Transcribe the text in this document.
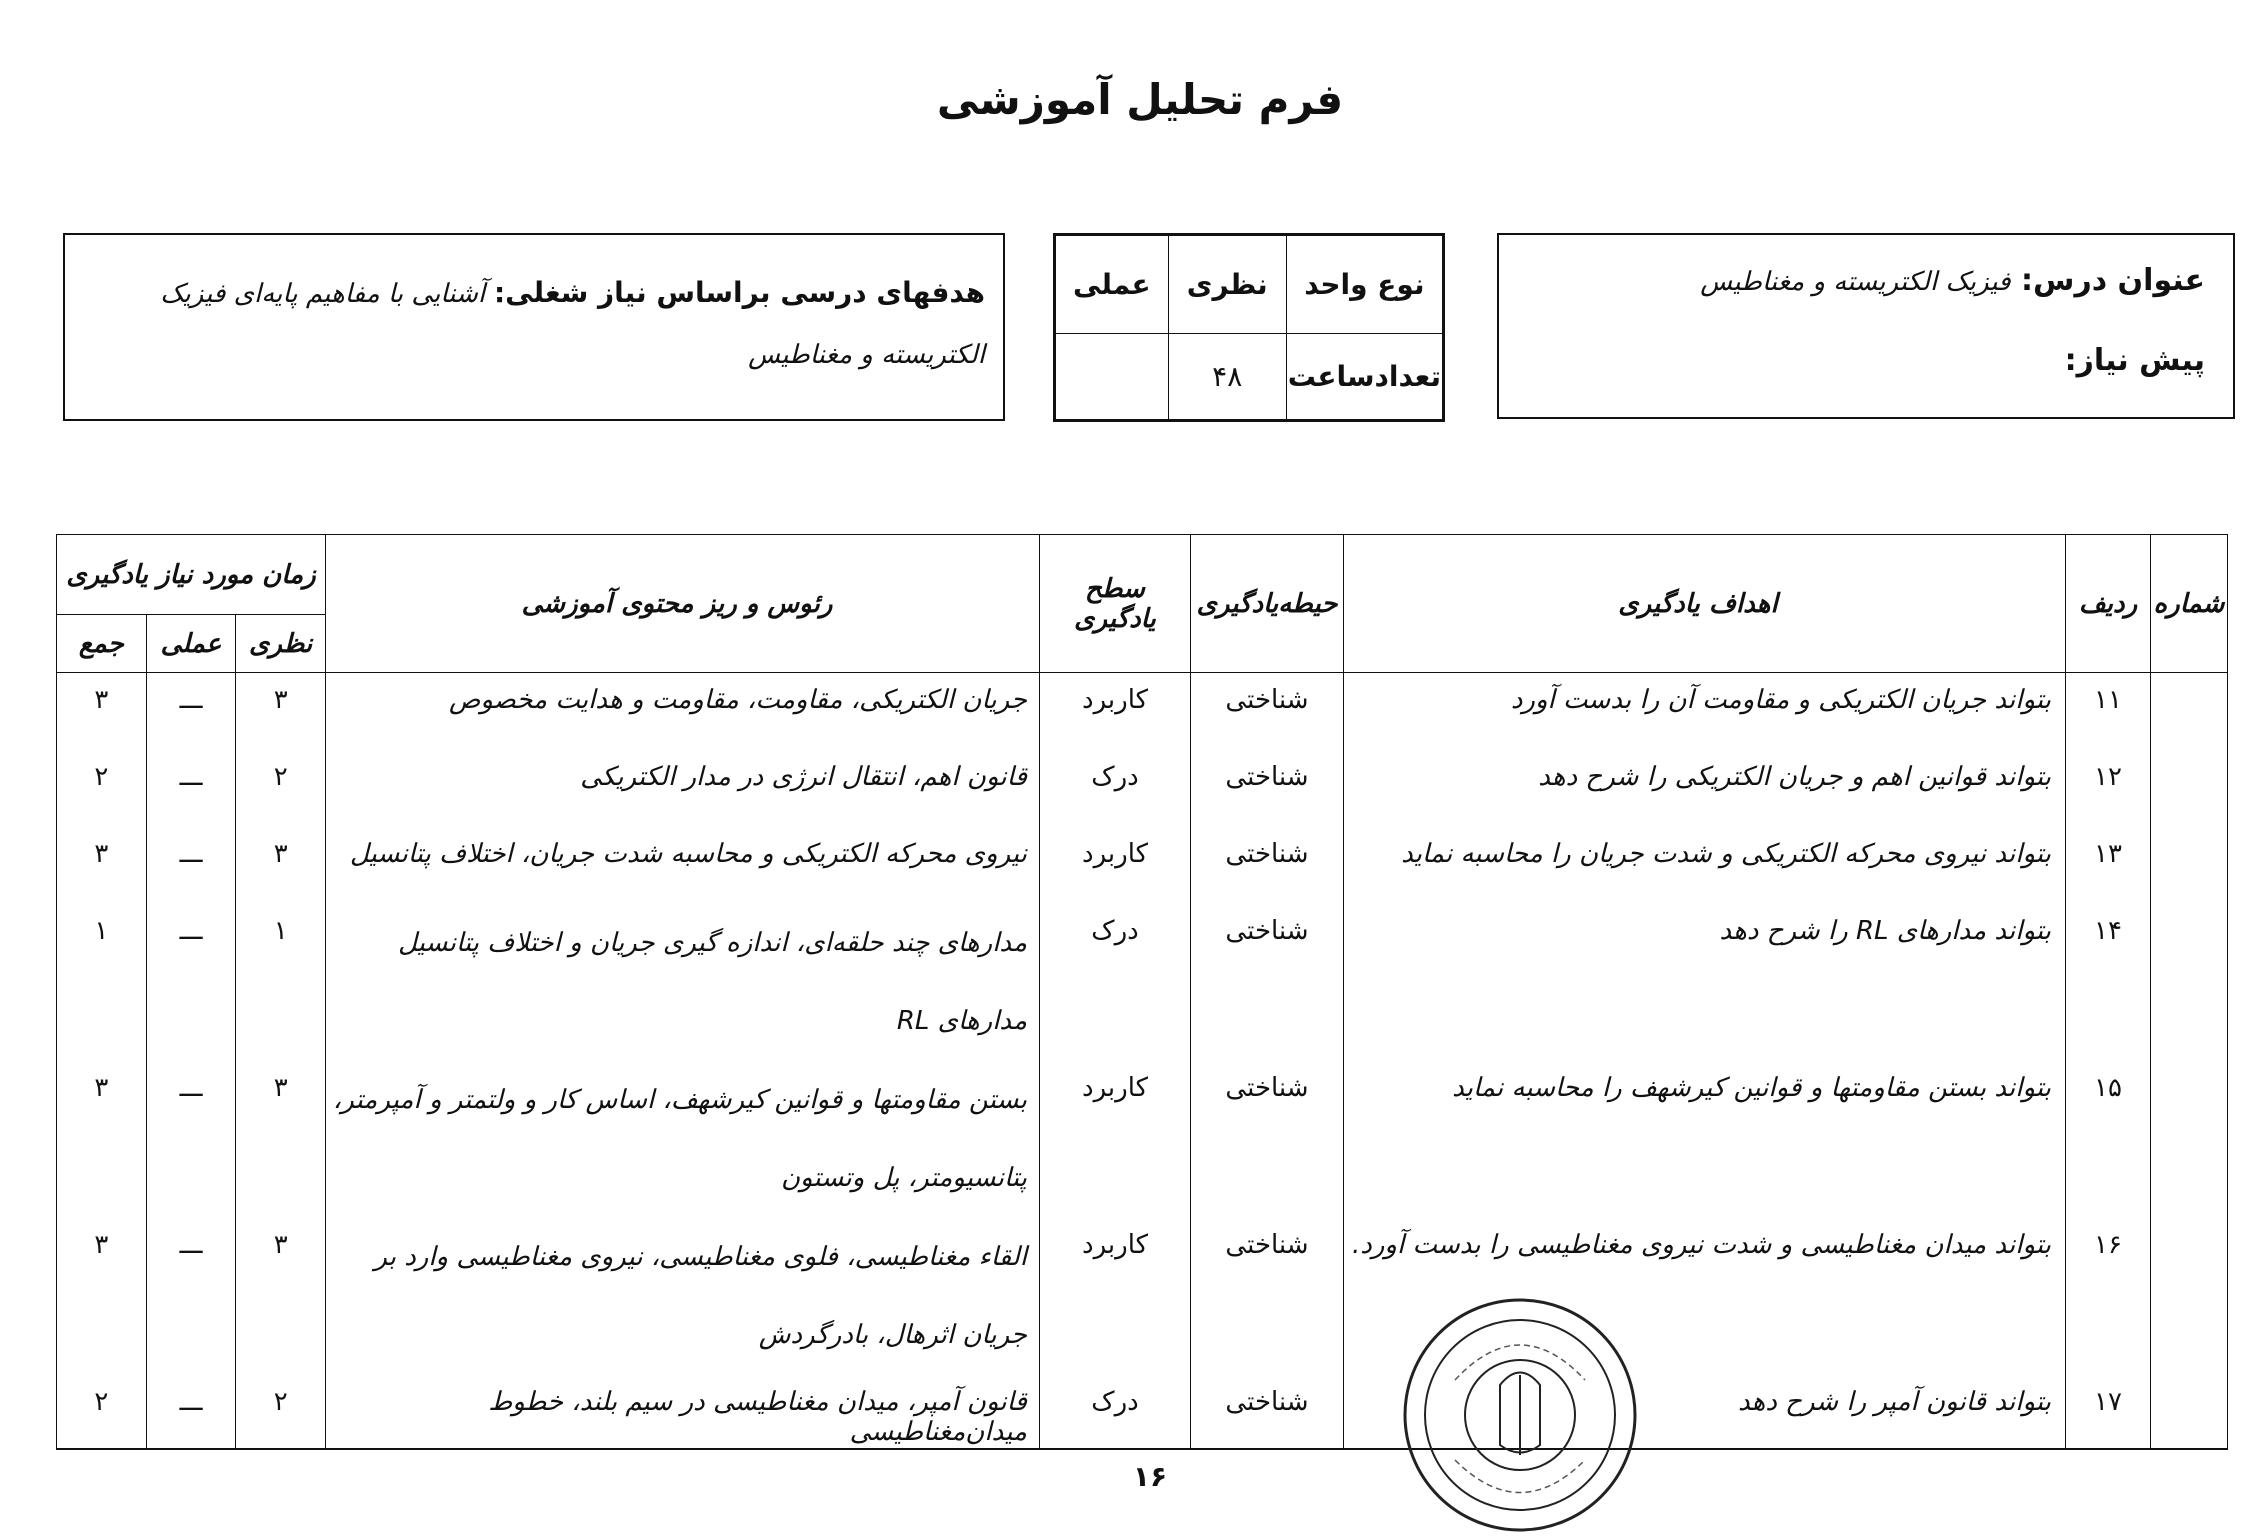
فرم تحلیل آموزشی
عنوان درس: فیزیک الکتریسته و مغناطیس
پیش نیاز:
نوع واحد	نظری	عملی
تعدادساعت	۴۸	
هدفهای درسی براساس نیاز شغلی: آشنایی با مفاهیم پایه‌ای فیزیک الکتریسته و مغناطیس
شماره	ردیف	اهداف یادگیری	حیطه‌یادگیری	سطح یادگیری	رئوس و ریز محتوی آموزشی	زمان مورد نیاز یادگیری		
						نظری	عملی	جمع
	۱۱	بتواند جریان الکتریکی و مقاومت آن را بدست آورد	شناختی	کاربرد	جریان الکتریکی، مقاومت، مقاومت و هدایت مخصوص	۳	ـــ	۳
	۱۲	بتواند قوانین اهم و جریان الکتریکی را شرح دهد	شناختی	درک	قانون اهم، انتقال انرژی در مدار الکتریکی	۲	ـــ	۲
	۱۳	بتواند نیروی محرکه الکتریکی و شدت جریان را محاسبه نماید	شناختی	کاربرد	نیروی محرکه الکتریکی و محاسبه شدت جریان، اختلاف پتانسیل	۳	ـــ	۳
	۱۴	بتواند مدارهای RL را شرح دهد	شناختی	درک	مدارهای چند حلقه‌ای، اندازه گیری جریان و اختلاف پتانسیل مدارهای RL	۱	ـــ	۱
	۱۵	بتواند بستن مقاومتها و قوانین کیرشهف را محاسبه نماید	شناختی	کاربرد	بستن مقاومتها و قوانین کیرشهف، اساس کار و ولتمتر و آمپرمتر، پتانسیومتر، پل وتستون	۳	ـــ	۳
	۱۶	بتواند میدان مغناطیسی و شدت نیروی مغناطیسی را بدست آورد.	شناختی	کاربرد	القاء مغناطیسی، فلوی مغناطیسی، نیروی مغناطیسی وارد بر جریان اثرهال، بادرگردش	۳	ـــ	۳
	۱۷	بتواند قانون آمپر را شرح دهد	شناختی	درک	قانون آمپر، میدان مغناطیسی در سیم بلند، خطوط میدان‌مغناطیسی	۲	ـــ	۲
۱۶
